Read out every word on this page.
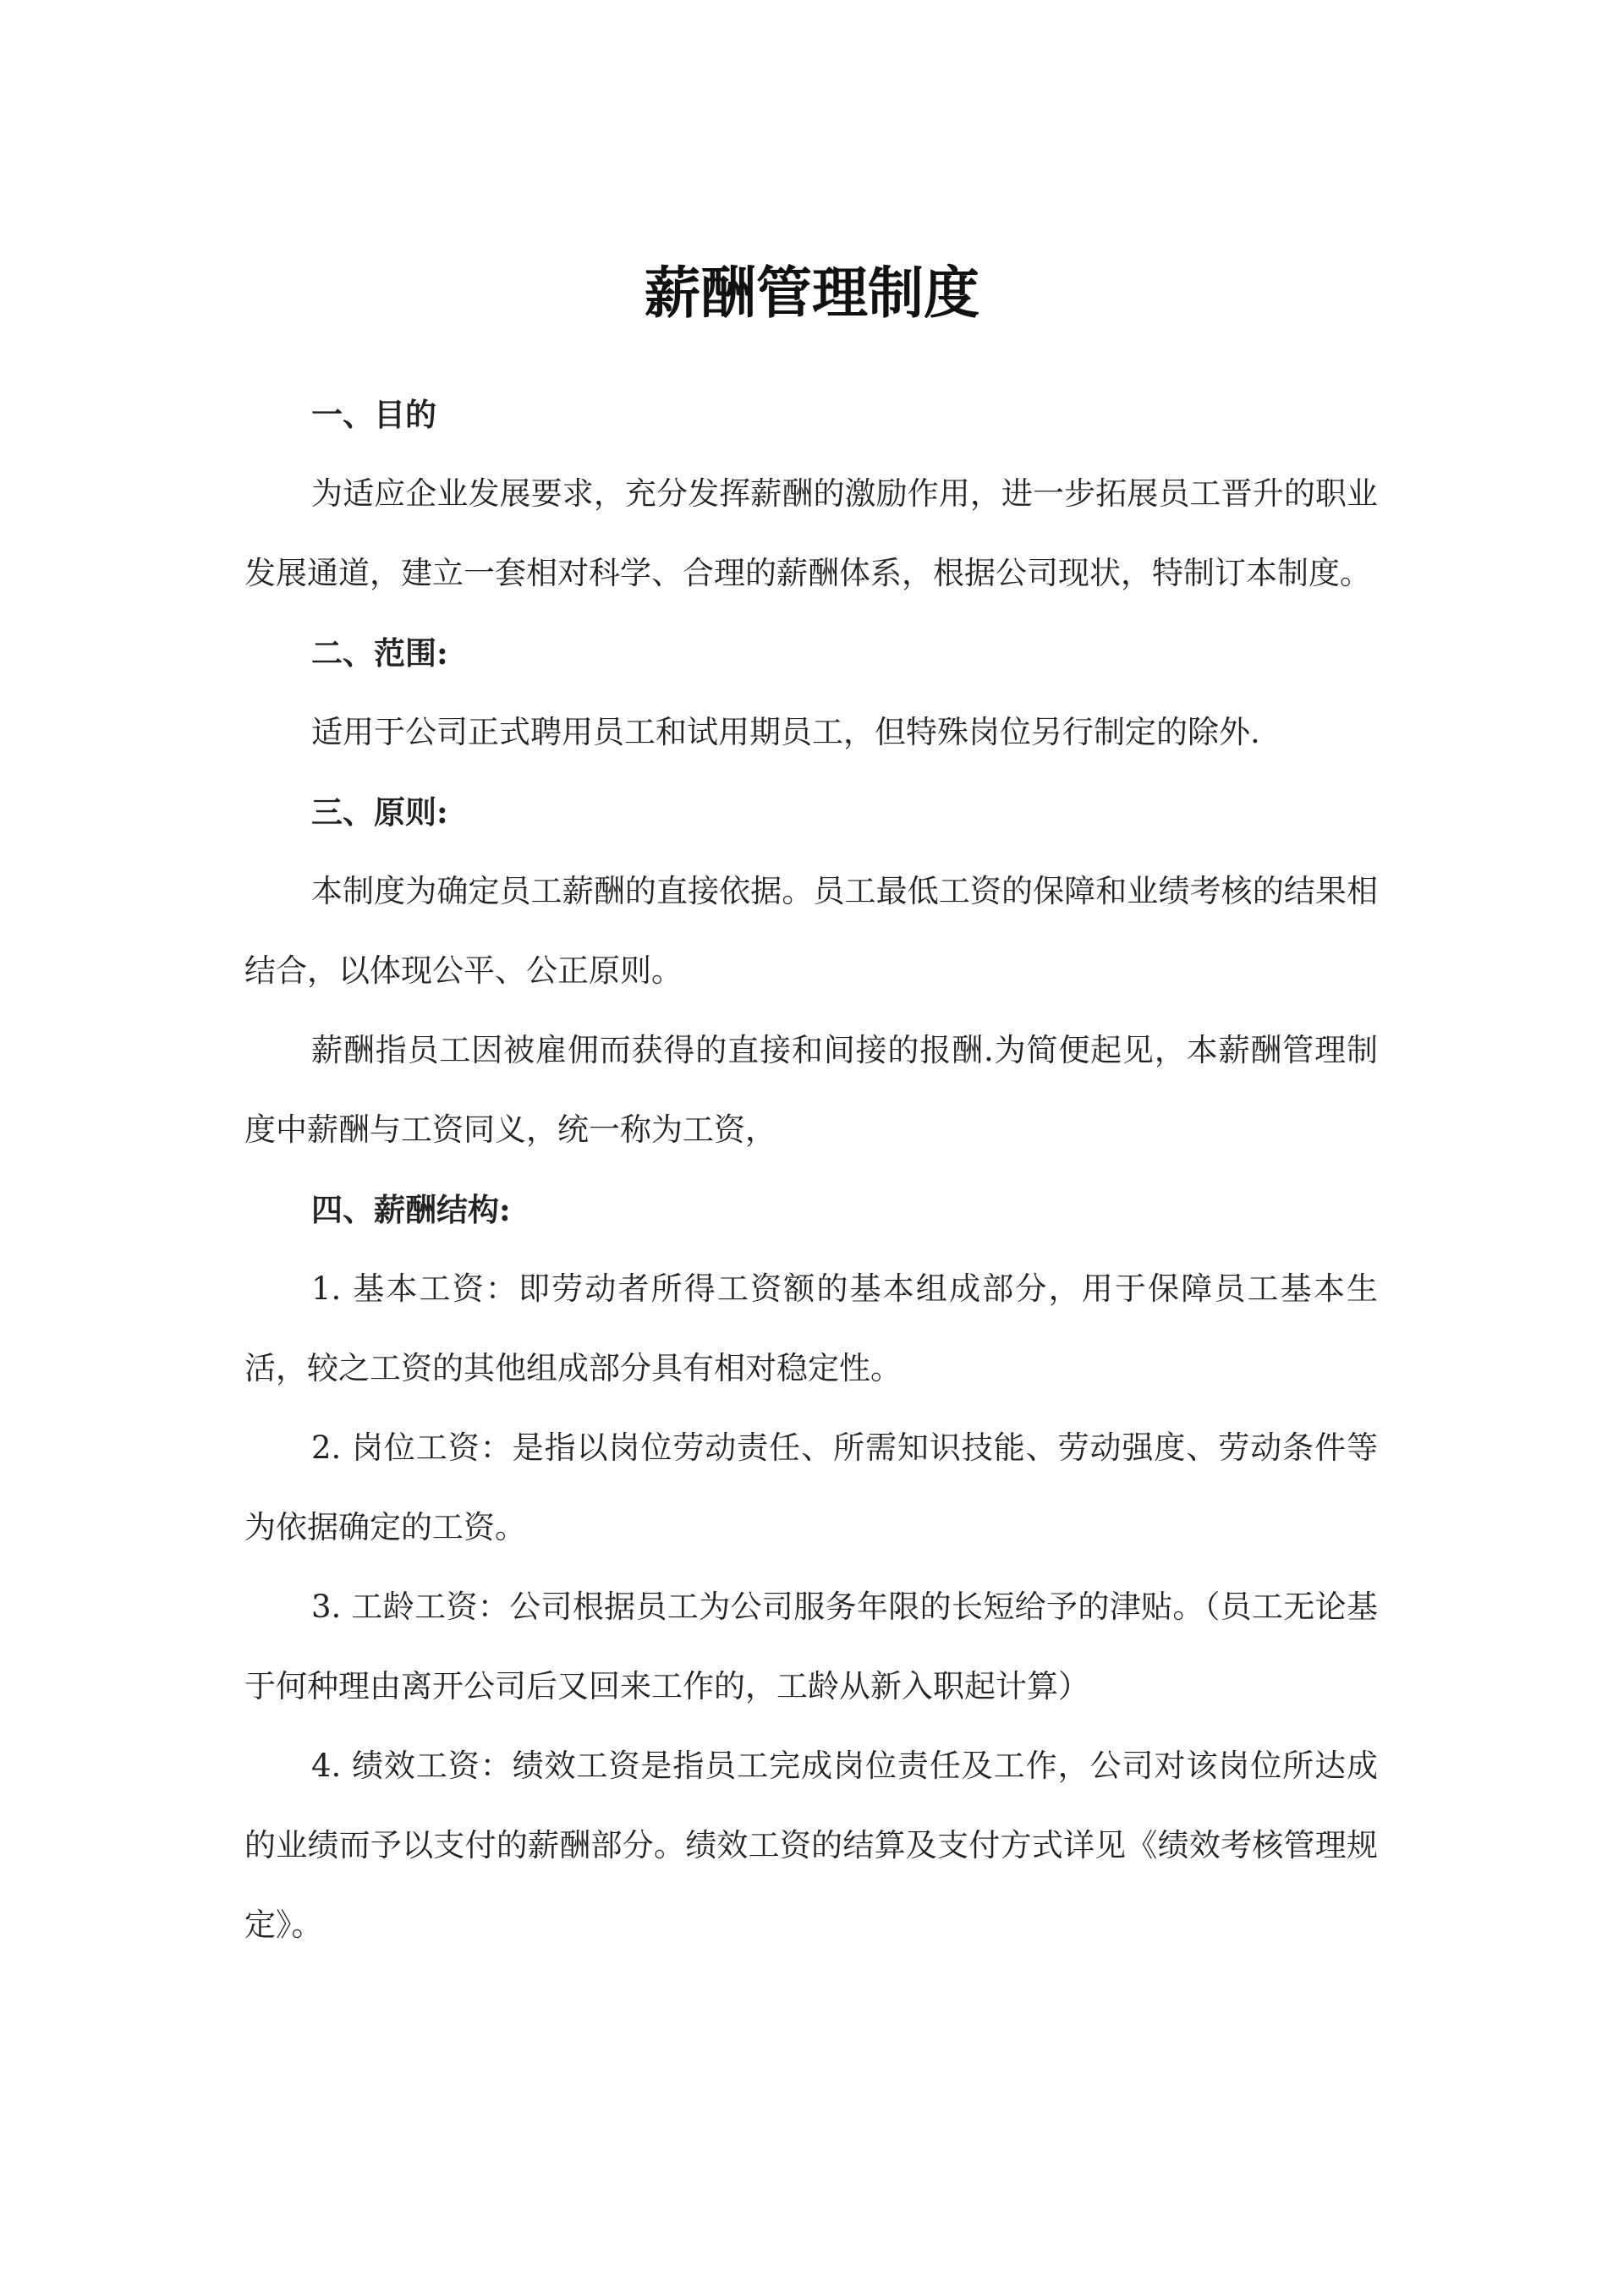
薪酬管理制度

一、目的

为适应企业发展要求，充分发挥薪酬的激励作用，进一步拓展员工晋升的职业发展通道，建立一套相对科学、合理的薪酬体系，根据公司现状，特制订本制度。

二、范围:

适用于公司正式聘用员工和试用期员工，但特殊岗位另行制定的除外.

三、原则:

本制度为确定员工薪酬的直接依据。员工最低工资的保障和业绩考核的结果相结合，以体现公平、公正原则。

薪酬指员工因被雇佣而获得的直接和间接的报酬.为简便起见，本薪酬管理制度中薪酬与工资同义，统一称为工资，

四、薪酬结构:

1. 基本工资：即劳动者所得工资额的基本组成部分，用于保障员工基本生活，较之工资的其他组成部分具有相对稳定性。

2. 岗位工资：是指以岗位劳动责任、所需知识技能、劳动强度、劳动条件等为依据确定的工资。

3. 工龄工资：公司根据员工为公司服务年限的长短给予的津贴。（员工无论基于何种理由离开公司后又回来工作的，工龄从新入职起计算）

4. 绩效工资：绩效工资是指员工完成岗位责任及工作，公司对该岗位所达成的业绩而予以支付的薪酬部分。绩效工资的结算及支付方式详见《绩效考核管理规定》。
